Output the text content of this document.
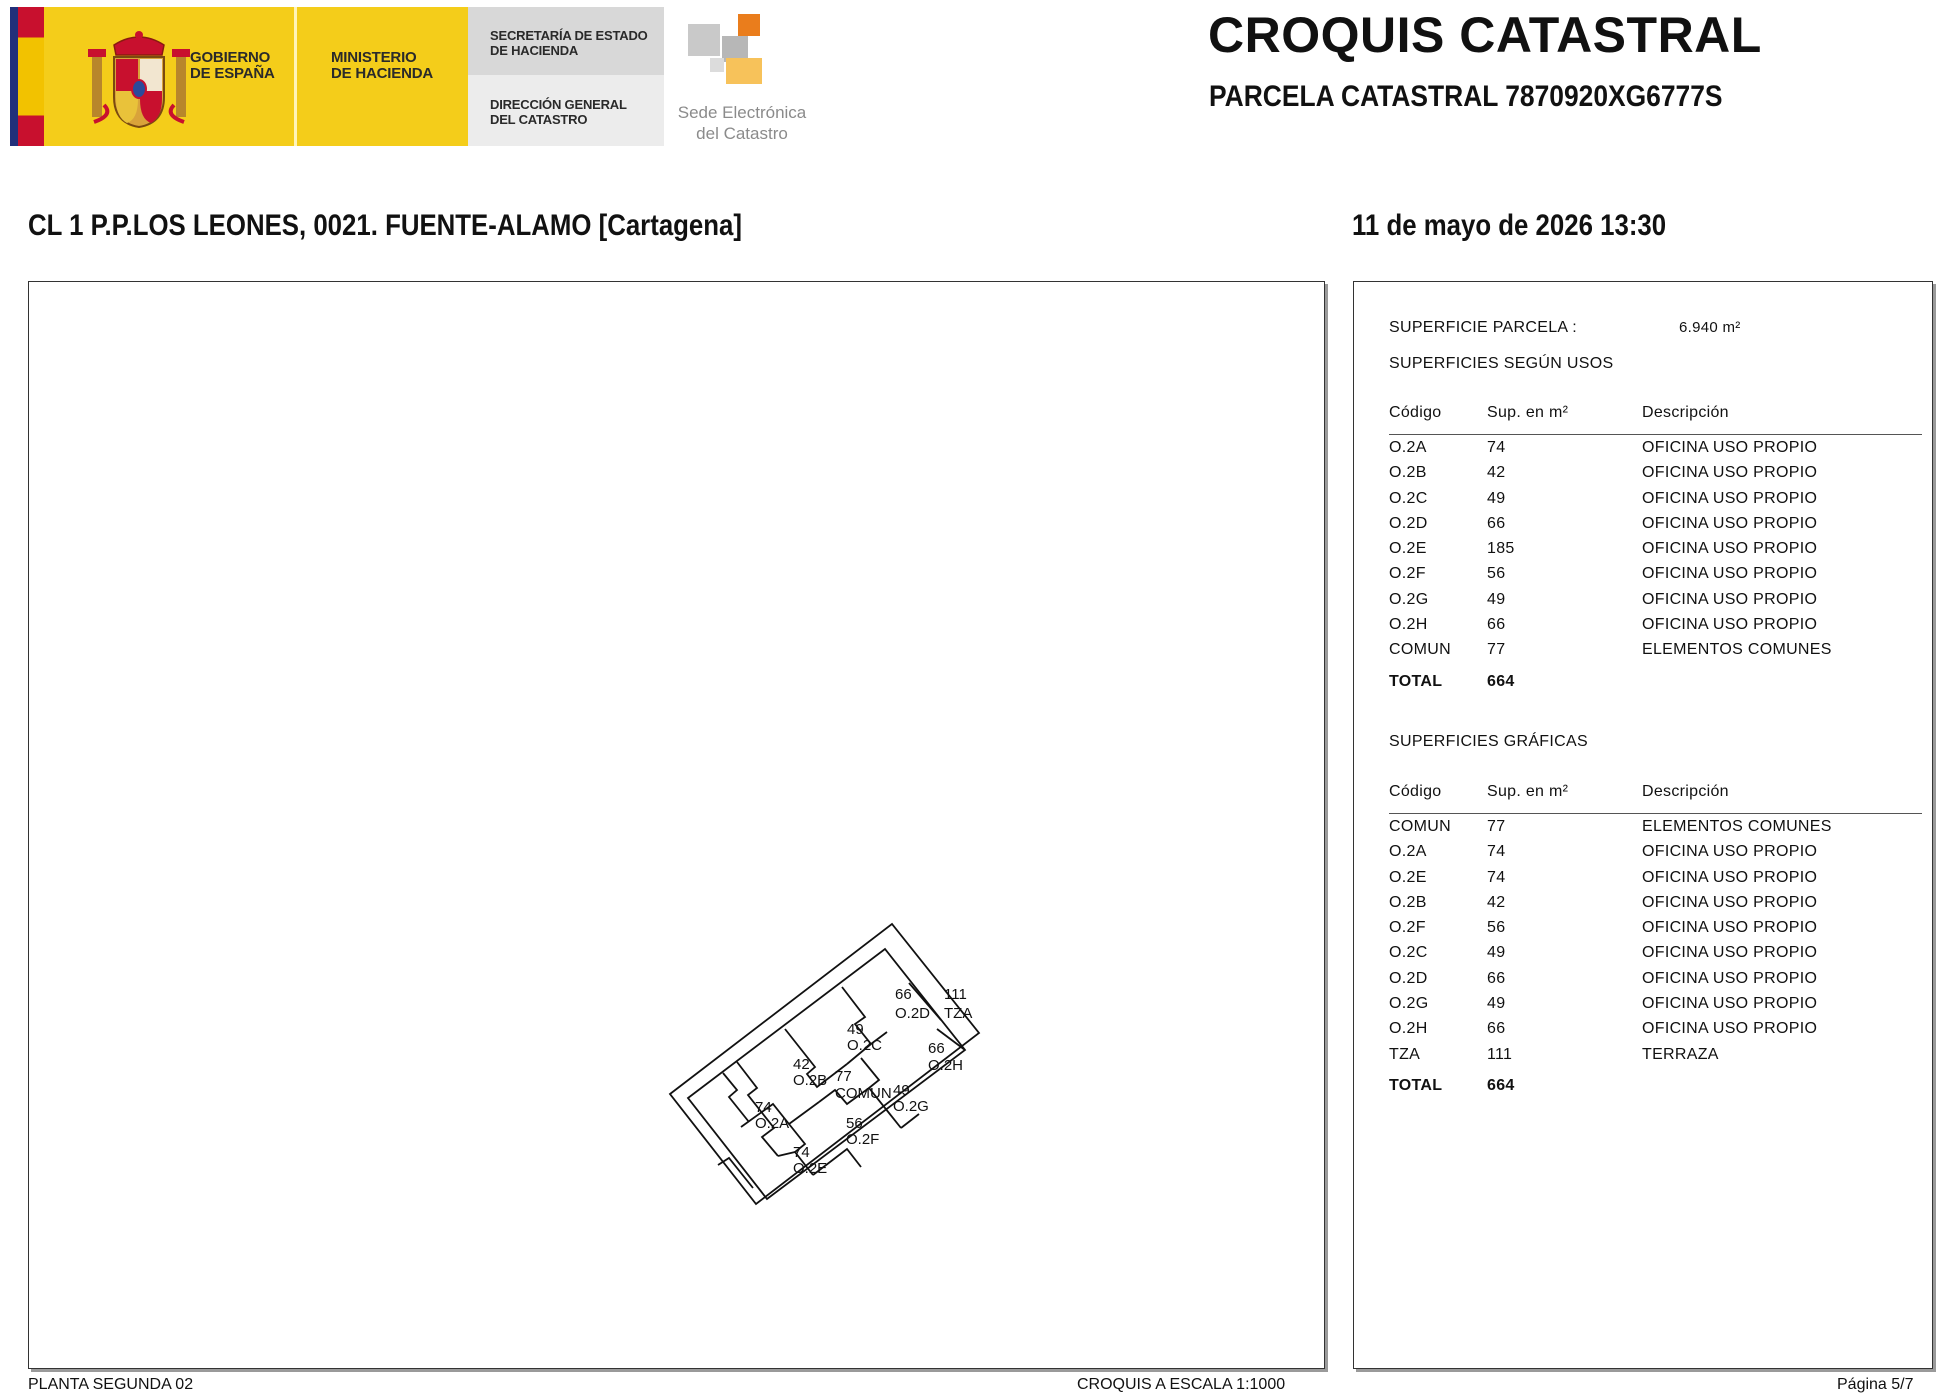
GOBIERNO
DE ESPAÑA
MINISTERIO
DE HACIENDA
SECRETARÍA DE ESTADO
DE HACIENDA
DIRECCIÓN GENERAL
DEL CATASTRO	Sede Electrónica
del Catastro
CROQUIS CATASTRAL
PARCELA CATASTRAL 7870920XG6777S
CL 1 P.P.LOS LEONES, 0021. FUENTE-ALAMO [Cartagena]	11 de mayo de 2026 13:30
66
O.2D
111
TZA
49
O.2C	66
O.2H
42
O.2B 77
COMUN 49
O.2G
74
O.2A	56
O.2F
74
O.2E
SUPERFICIE PARCELA :	6.940 m²
SUPERFICIES SEGÚN USOS
Código	Sup. en m²	Descripción
O.2A	74	OFICINA USO PROPIO
O.2B	42	OFICINA USO PROPIO
O.2C	49	OFICINA USO PROPIO
O.2D	66	OFICINA USO PROPIO
O.2E	185	OFICINA USO PROPIO
O.2F	56	OFICINA USO PROPIO
O.2G	49	OFICINA USO PROPIO
O.2H	66	OFICINA USO PROPIO
COMUN 77	ELEMENTOS COMUNES
TOTAL	664
SUPERFICIES GRÁFICAS
Código	Sup. en m²	Descripción
COMUN 77	ELEMENTOS COMUNES
O.2A	74	OFICINA USO PROPIO
O.2E	74	OFICINA USO PROPIO
O.2B	42	OFICINA USO PROPIO
O.2F	56	OFICINA USO PROPIO
O.2C	49	OFICINA USO PROPIO
O.2D	66	OFICINA USO PROPIO
O.2G	49	OFICINA USO PROPIO
O.2H	66	OFICINA USO PROPIO
TZA	111	TERRAZA
TOTAL	664
PLANTA SEGUNDA 02	CROQUIS A ESCALA 1:1000	Página 5/7
